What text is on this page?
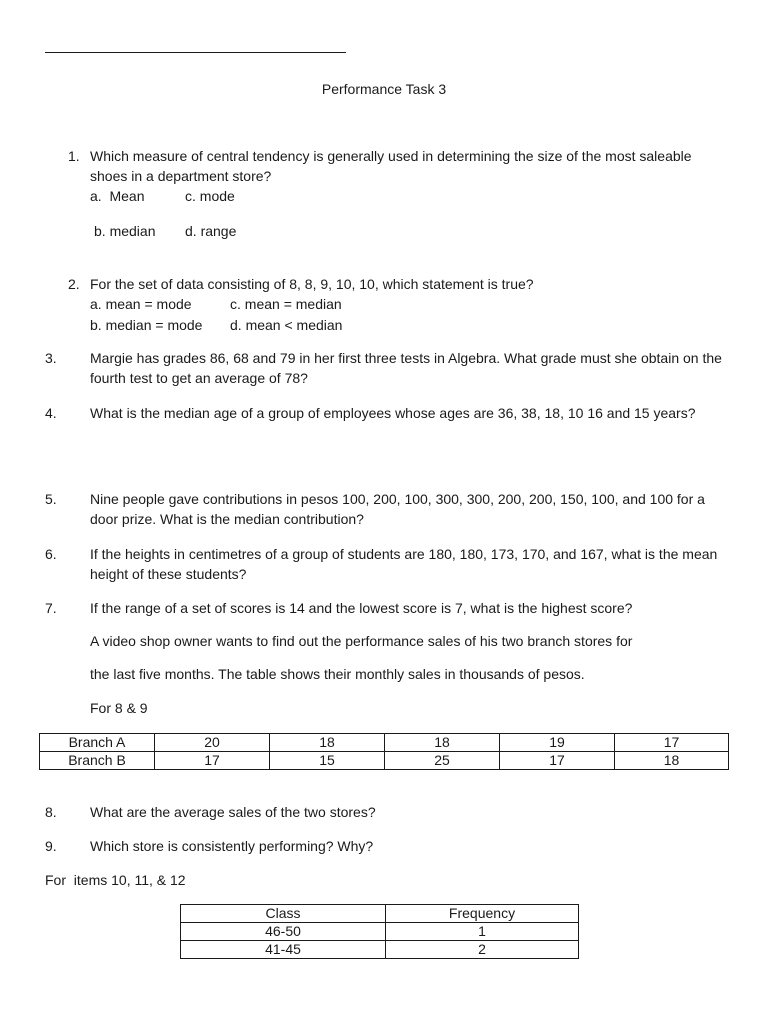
Performance Task 3
1. Which measure of central tendency is generally used in determining the size of the most saleable shoes in a department store?
a.  Mean	c. mode
b. median d. range
2. For the set of data consisting of 8, 8, 9, 10, 10, which statement is true?
a. mean = mode	c. mean = median
b. median = mode d. mean < median
3. Margie has grades 86, 68 and 79 in her first three tests in Algebra. What grade must she obtain on the fourth test to get an average of 78?
4. What is the median age of a group of employees whose ages are 36, 38, 18, 10 16 and 15 years?
5. Nine people gave contributions in pesos 100, 200, 100, 300, 300, 200, 200, 150, 100, and 100 for a door prize. What is the median contribution?
6. If the heights in centimetres of a group of students are 180, 180, 173, 170, and 167, what is the mean height of these students?
7. If the range of a set of scores is 14 and the lowest score is 7, what is the highest score?
A video shop owner wants to find out the performance sales of his two branch stores for
the last five months. The table shows their monthly sales in thousands of pesos.
For 8 & 9
Branch A	20	18	18	19	17
Branch B	17	15	25	17	18
8. What are the average sales of the two stores?
9. Which store is consistently performing? Why?
For  items 10, 11, & 12
Class	Frequency
46-50	1
41-45	2
